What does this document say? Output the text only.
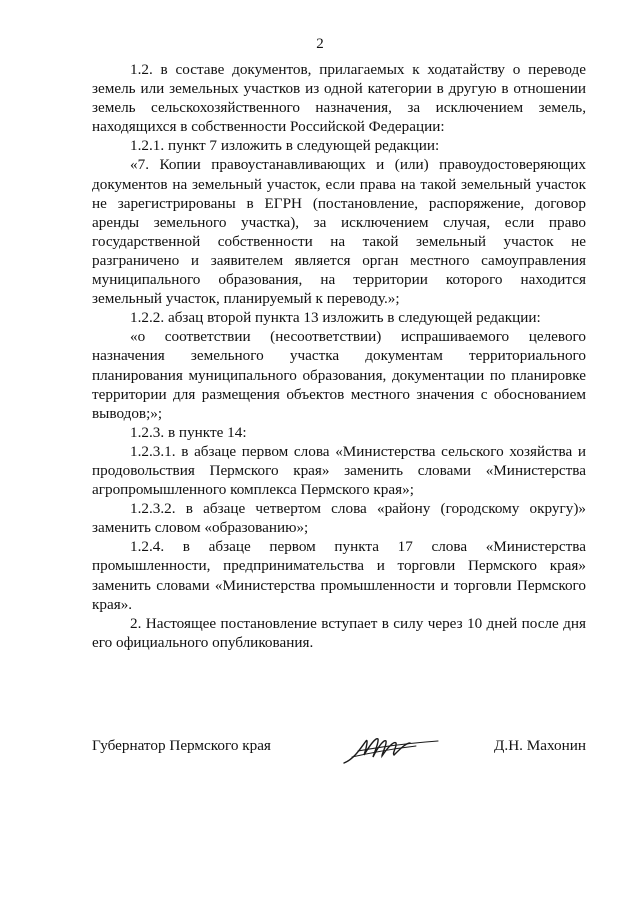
2

1.2. в составе документов, прилагаемых к ходатайству о переводе земель или земельных участков из одной категории в другую в отношении земель сельскохозяйственного назначения, за исключением земель, находящихся в собственности Российской Федерации:

1.2.1. пункт 7 изложить в следующей редакции:

«7. Копии правоустанавливающих и (или) правоудостоверяющих документов на земельный участок, если права на такой земельный участок не зарегистрированы в ЕГРН (постановление, распоряжение, договор аренды земельного участка), за исключением случая, если право государственной собственности на такой земельный участок не разграничено и заявителем является орган местного самоуправления муниципального образования, на территории которого находится земельный участок, планируемый к переводу.»;

1.2.2. абзац второй пункта 13 изложить в следующей редакции:

«о соответствии (несоответствии) испрашиваемого целевого назначения земельного участка документам территориального планирования муниципального образования, документации по планировке территории для размещения объектов местного значения с обоснованием выводов;»;

1.2.3. в пункте 14:

1.2.3.1. в абзаце первом слова «Министерства сельского хозяйства и продовольствия Пермского края» заменить словами «Министерства агропромышленного комплекса Пермского края»;

1.2.3.2. в абзаце четвертом слова «району (городскому округу)» заменить словом «образованию»;

1.2.4. в абзаце первом пункта 17 слова «Министерства промышленности, предпринимательства и торговли Пермского края» заменить словами «Министерства промышленности и торговли Пермского края».

2. Настоящее постановление вступает в силу через 10 дней после дня его официального опубликования.

Губернатор Пермского края	Д.Н. Махонин
